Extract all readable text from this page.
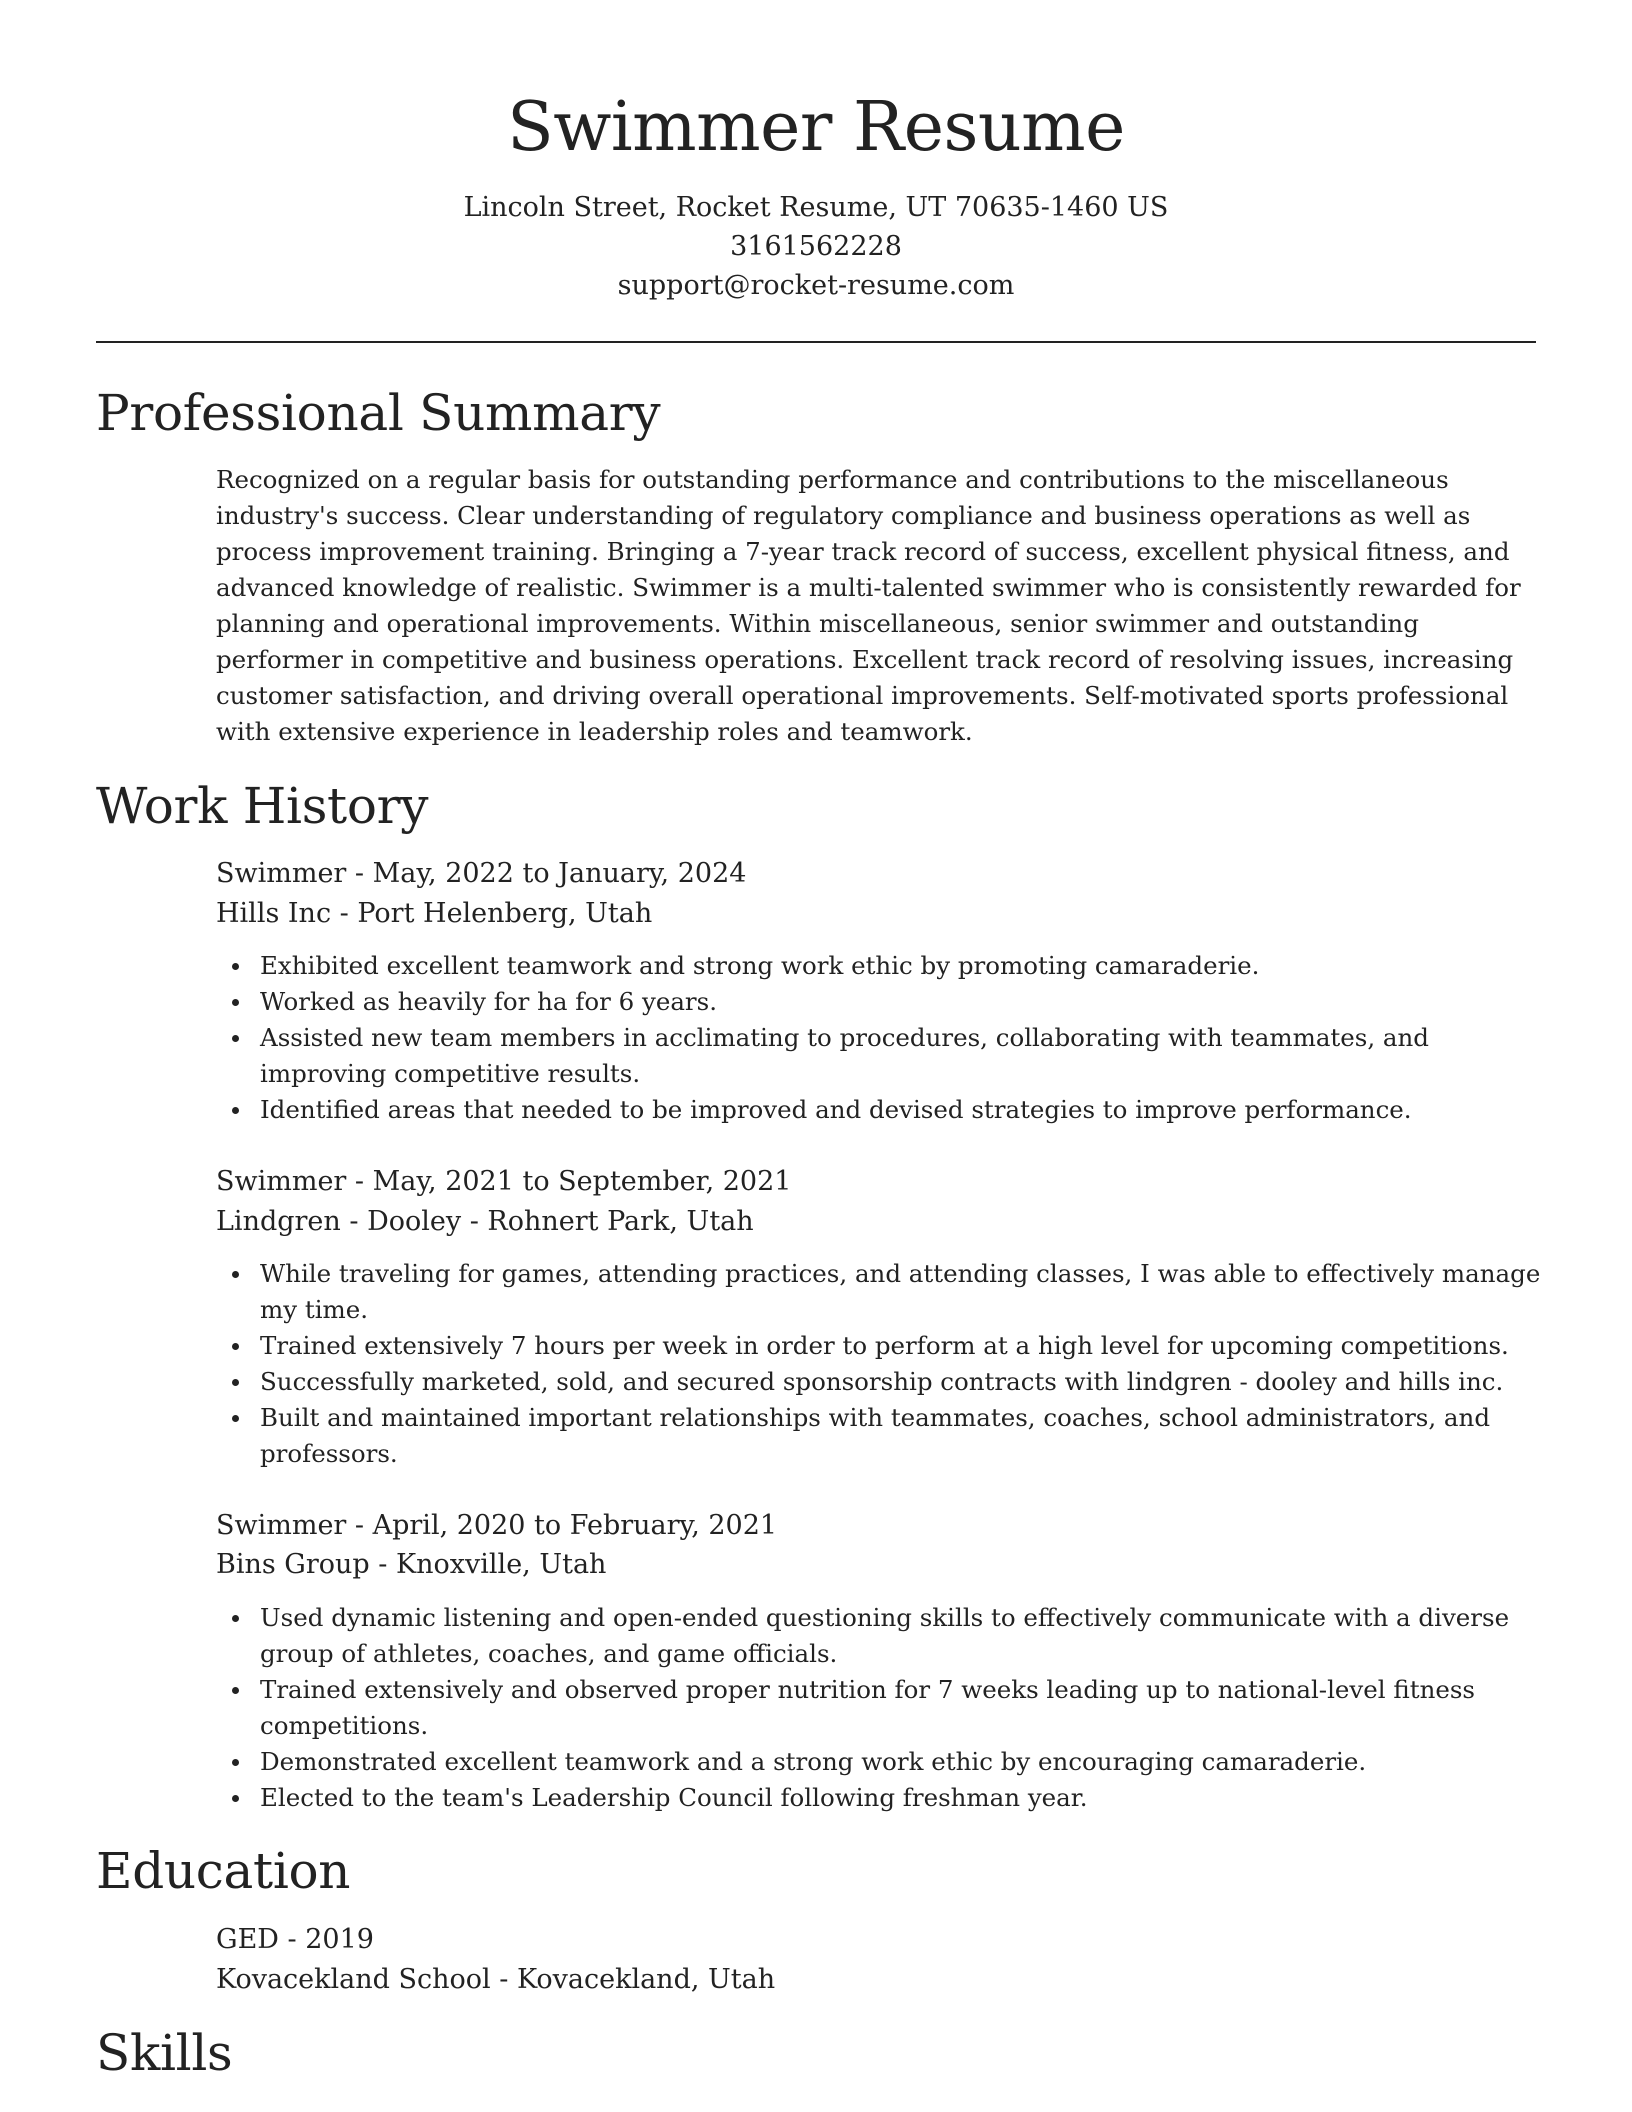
Swimmer Resume

Lincoln Street, Rocket Resume, UT 70635-1460 US

3161562228

support@rocket-resume.com

Professional Summary

Recognized on a regular basis for outstanding performance and contributions to the miscellaneous industry's success. Clear understanding of regulatory compliance and business operations as well as process improvement training. Bringing a 7-year track record of success, excellent physical fitness, and advanced knowledge of realistic. Swimmer is a multi-talented swimmer who is consistently rewarded for planning and operational improvements. Within miscellaneous, senior swimmer and outstanding performer in competitive and business operations. Excellent track record of resolving issues, increasing customer satisfaction, and driving overall operational improvements. Self-motivated sports professional with extensive experience in leadership roles and teamwork.

Work History

Swimmer - May, 2022 to January, 2024

Hills Inc - Port Helenberg, Utah

Exhibited excellent teamwork and strong work ethic by promoting camaraderie.
Worked as heavily for ha for 6 years.
Assisted new team members in acclimating to procedures, collaborating with teammates, and improving competitive results.
Identified areas that needed to be improved and devised strategies to improve performance.

Swimmer - May, 2021 to September, 2021

Lindgren - Dooley - Rohnert Park, Utah

While traveling for games, attending practices, and attending classes, I was able to effectively manage my time.
Trained extensively 7 hours per week in order to perform at a high level for upcoming competitions.
Successfully marketed, sold, and secured sponsorship contracts with lindgren - dooley and hills inc.
Built and maintained important relationships with teammates, coaches, school administrators, and professors.

Swimmer - April, 2020 to February, 2021

Bins Group - Knoxville, Utah

Used dynamic listening and open-ended questioning skills to effectively communicate with a diverse group of athletes, coaches, and game officials.
Trained extensively and observed proper nutrition for 7 weeks leading up to national-level fitness competitions.
Demonstrated excellent teamwork and a strong work ethic by encouraging camaraderie.
Elected to the team's Leadership Council following freshman year.
Education

GED - 2019

Kovacekland School - Kovacekland, Utah

Skills
